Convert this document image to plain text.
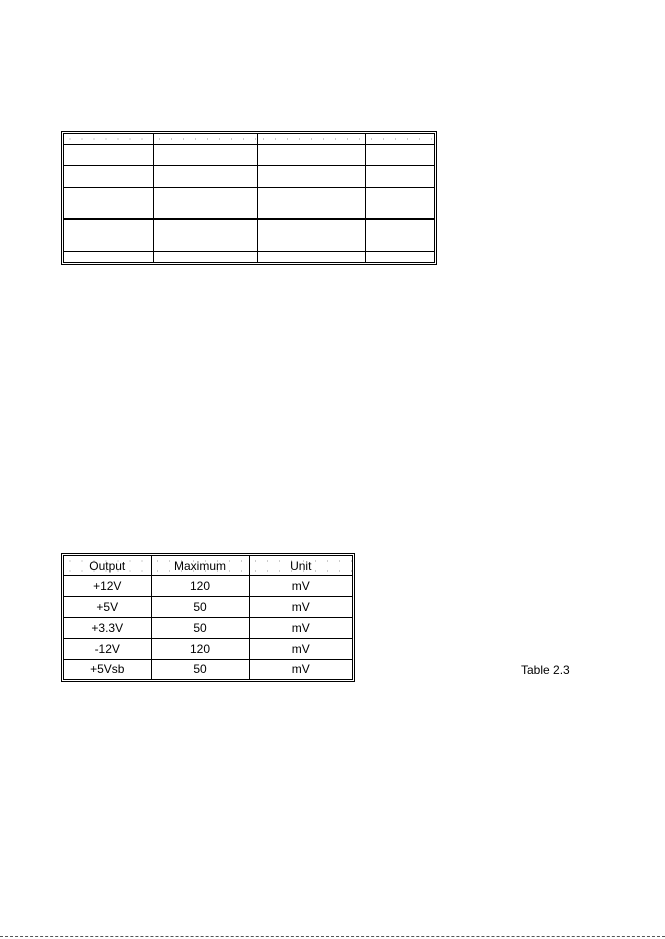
Output	Maximum	Unit
+12V	120	mV
+5V	50	mV
+3.3V	50	mV
-12V	120	mV
+5Vsb	50	mV	Table 2.3
